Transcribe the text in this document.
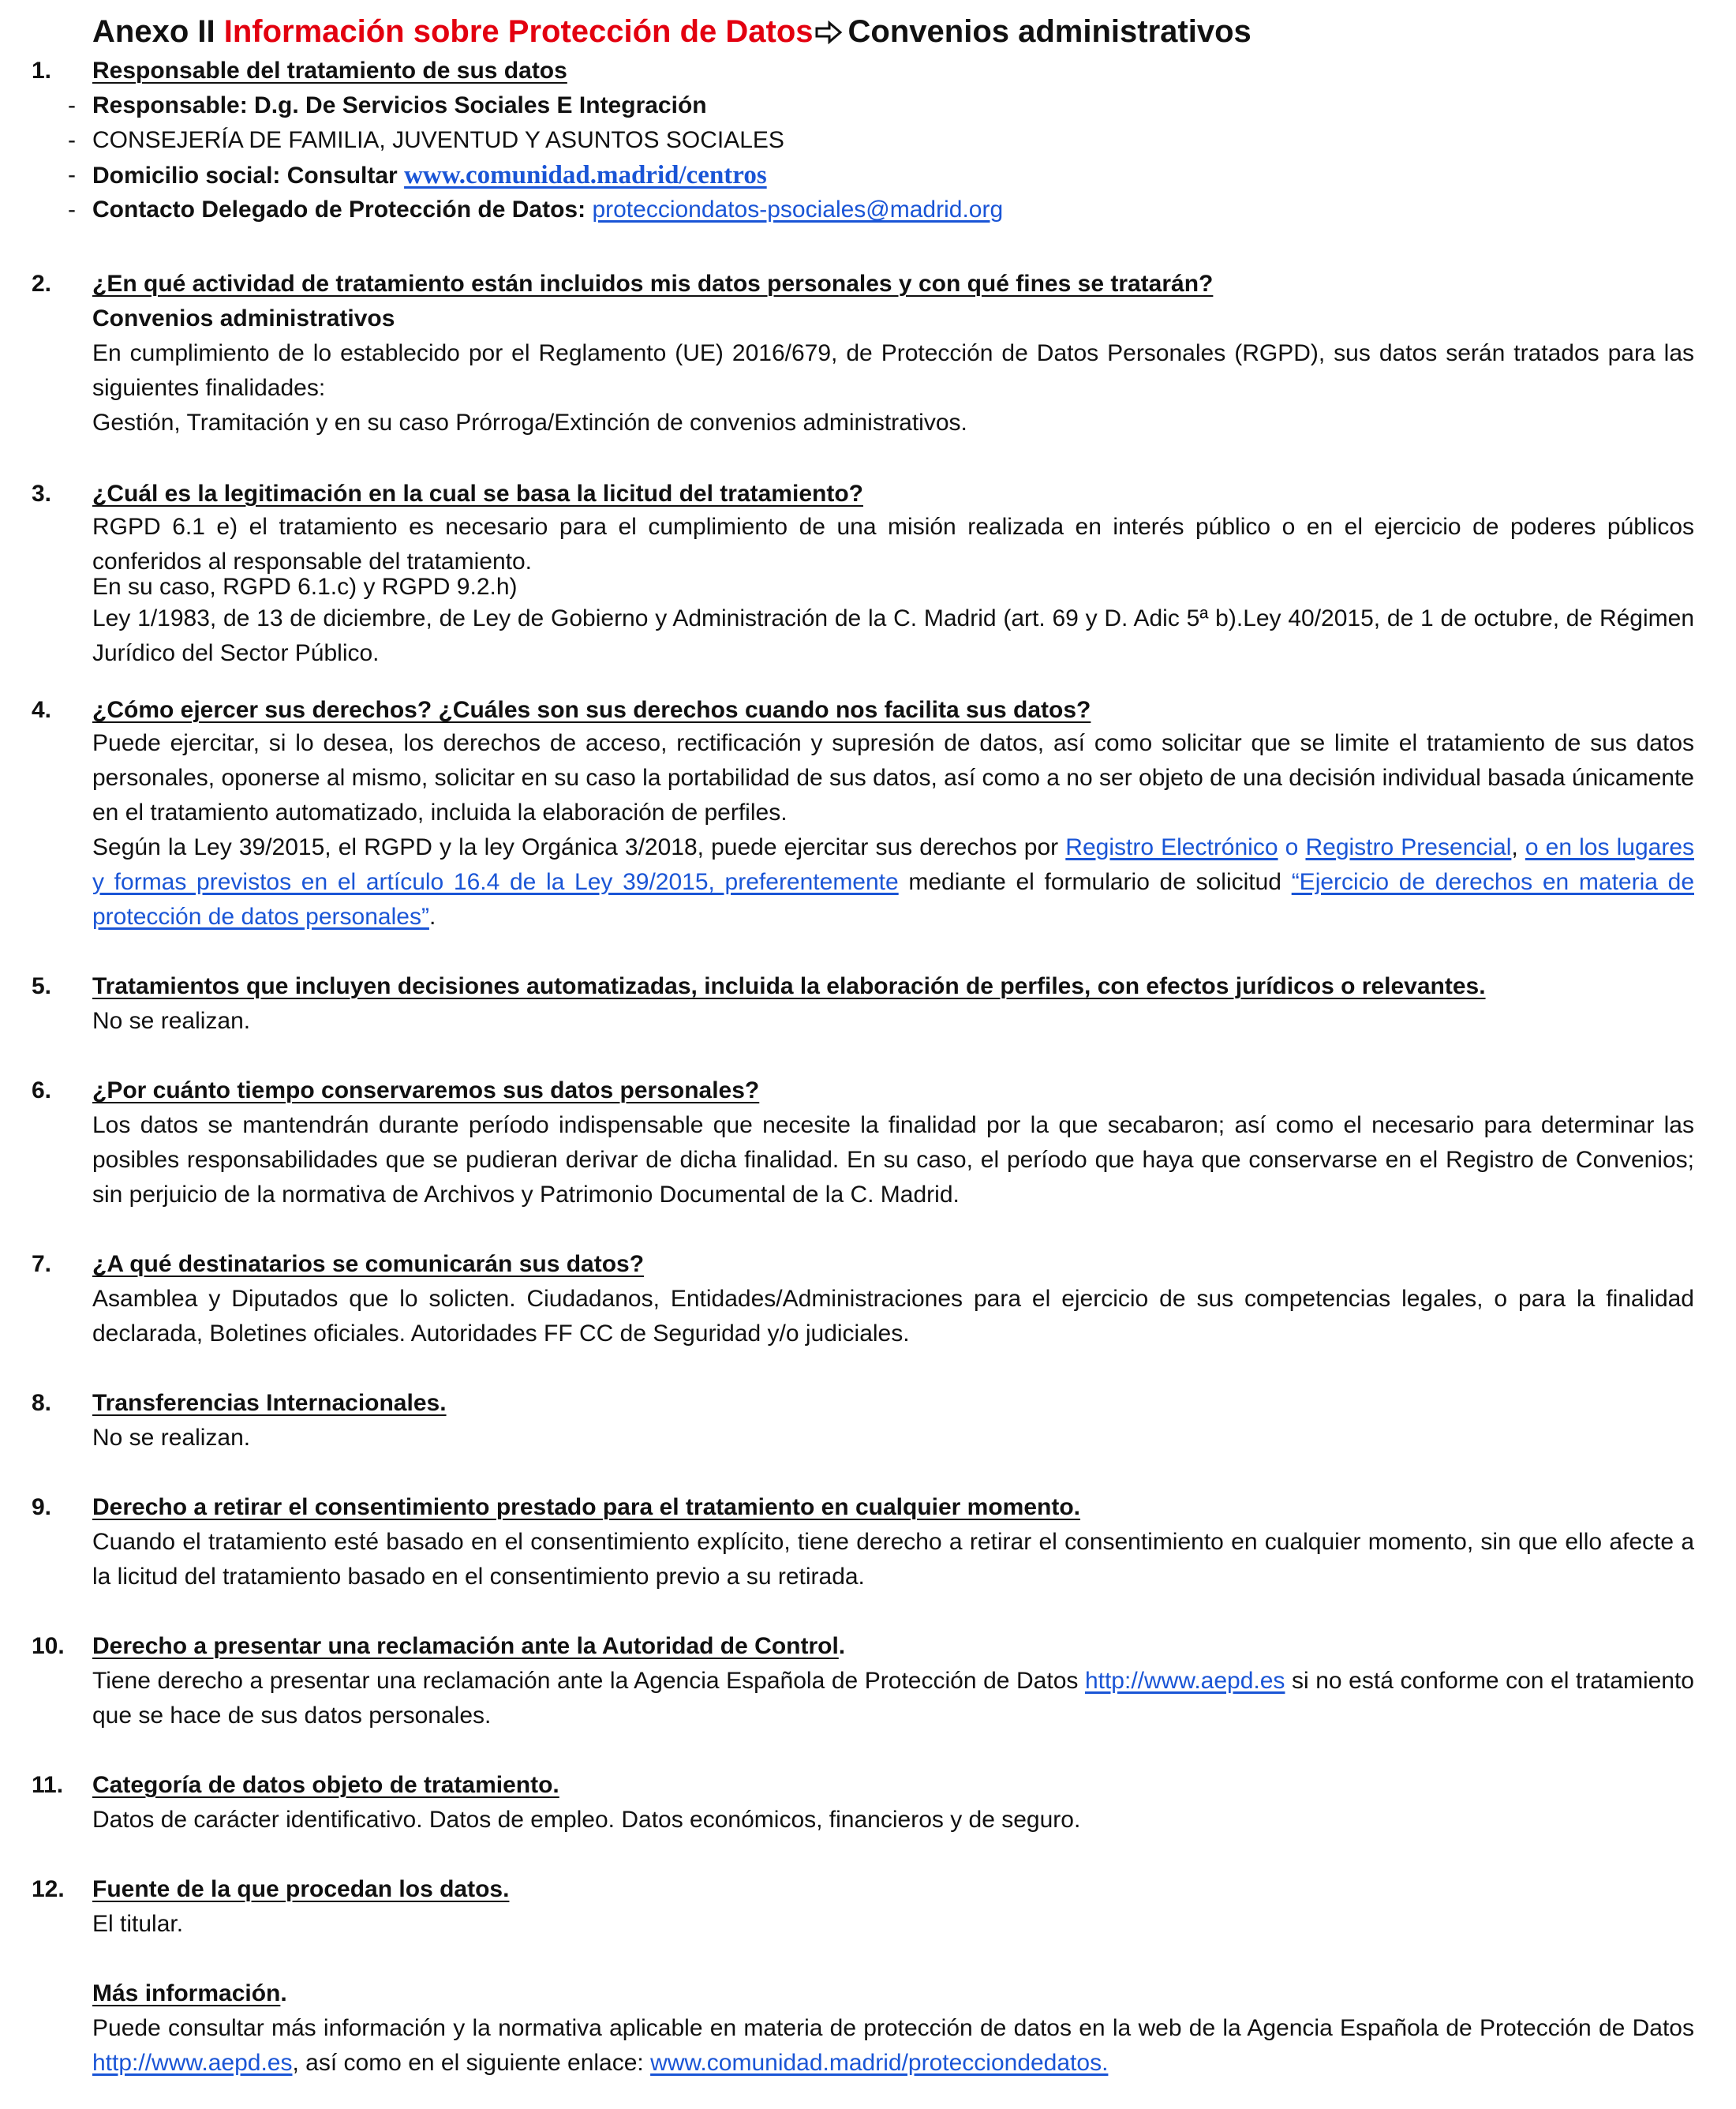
Anexo II Información sobre Protección de Datos Convenios administrativos
1.	Responsable del tratamiento de sus datos
- Responsable: D.g. De Servicios Sociales E Integración
- CONSEJERÍA DE FAMILIA, JUVENTUD Y ASUNTOS SOCIALES
- Domicilio social: Consultar www.comunidad.madrid/centros
- Contacto Delegado de Protección de Datos: protecciondatos-psociales@madrid.org
2.	¿En qué actividad de tratamiento están incluidos mis datos personales y con qué fines se tratarán?
Convenios administrativos

En cumplimiento de lo establecido por el Reglamento (UE) 2016/679, de Protección de Datos Personales (RGPD), sus datos serán tratados para las siguientes finalidades:

Gestión, Tramitación y en su caso Prórroga/Extinción de convenios administrativos.
3.	¿Cuál es la legitimación en la cual se basa la licitud del tratamiento?

RGPD 6.1 e) el tratamiento es necesario para el cumplimiento de una misión realizada en interés público o en el ejercicio de poderes públicos conferidos al responsable del tratamiento.

En su caso, RGPD 6.1.c) y RGPD 9.2.h)

Ley 1/1983, de 13 de diciembre, de Ley de Gobierno y Administración de la C. Madrid (art. 69 y D. Adic 5ª b).Ley 40/2015, de 1 de octubre, de Régimen Jurídico del Sector Público.

4.	¿Cómo ejercer sus derechos? ¿Cuáles son sus derechos cuando nos facilita sus datos?

Puede ejercitar, si lo desea, los derechos de acceso, rectificación y supresión de datos, así como solicitar que se limite el tratamiento de sus datos personales, oponerse al mismo, solicitar en su caso la portabilidad de sus datos, así como a no ser objeto de una decisión individual basada únicamente en el tratamiento automatizado, incluida la elaboración de perfiles.

Según la Ley 39/2015, el RGPD y la ley Orgánica 3/2018, puede ejercitar sus derechos por Registro Electrónico o Registro Presencial, o en los lugares y formas previstos en el artículo 16.4 de la Ley 39/2015, preferentemente mediante el formulario de solicitud “Ejercicio de derechos en materia de protección de datos personales”.

5.	Tratamientos que incluyen decisiones automatizadas, incluida la elaboración de perfiles, con efectos jurídicos o relevantes.
No se realizan.
6.	¿Por cuánto tiempo conservaremos sus datos personales?

Los datos se mantendrán durante período indispensable que necesite la finalidad por la que secabaron; así como el necesario para determinar las posibles responsabilidades que se pudieran derivar de dicha finalidad. En su caso, el período que haya que conservarse en el Registro de Convenios; sin perjuicio de la normativa de Archivos y Patrimonio Documental de la C. Madrid.

7.	¿A qué destinatarios se comunicarán sus datos?

Asamblea y Diputados que lo solicten. Ciudadanos, Entidades/Administraciones para el ejercicio de sus competencias legales, o para la finalidad declarada, Boletines oficiales. Autoridades FF CC de Seguridad y/o judiciales.

8.	Transferencias Internacionales.
No se realizan.
9.	Derecho a retirar el consentimiento prestado para el tratamiento en cualquier momento.

Cuando el tratamiento esté basado en el consentimiento explícito, tiene derecho a retirar el consentimiento en cualquier momento, sin que ello afecte a la licitud del tratamiento basado en el consentimiento previo a su retirada.

10.	Derecho a presentar una reclamación ante la Autoridad de Control.

Tiene derecho a presentar una reclamación ante la Agencia Española de Protección de Datos http://www.aepd.es si no está conforme con el tratamiento que se hace de sus datos personales.

11.	Categoría de datos objeto de tratamiento.
Datos de carácter identificativo. Datos de empleo. Datos económicos, financieros y de seguro.
12.	Fuente de la que procedan los datos.
El titular.
Más información.

Puede consultar más información y la normativa aplicable en materia de protección de datos en la web de la Agencia Española de Protección de Datos http://www.aepd.es, así como en el siguiente enlace: www.comunidad.madrid/protecciondedatos.
